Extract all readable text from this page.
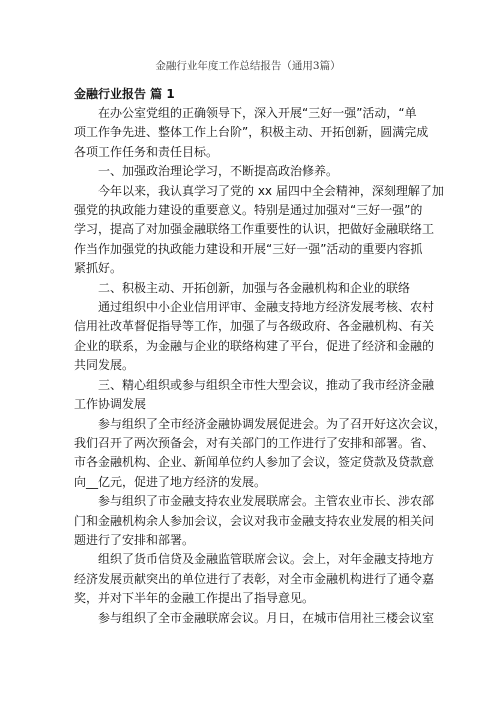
金融行业年度工作总结报告（通用3篇）
金融行业报告 篇 1
在办公室党组的正确领导下，深入开展“三好一强”活动，“单
项工作争先进、整体工作上台阶”，积极主动、开拓创新，圆满完成
各项工作任务和责任目标。
一、加强政治理论学习，不断提高政治修养。
今年以来，我认真学习了党的 xx 届四中全会精神，深刻理解了加
强党的执政能力建设的重要意义。特别是通过加强对“三好一强”的
学习，提高了对加强金融联络工作重要性的认识，把做好金融联络工
作当作加强党的执政能力建设和开展“三好一强”活动的重要内容抓
紧抓好。
二、积极主动、开拓创新，加强与各金融机构和企业的联络
通过组织中小企业信用评审、金融支持地方经济发展考核、农村
信用社改革督促指导等工作，加强了与各级政府、各金融机构、有关
企业的联系，为金融与企业的联络构建了平台，促进了经济和金融的
共同发展。
三、精心组织或参与组织全市性大型会议，推动了我市经济金融
工作协调发展
参与组织了全市经济金融协调发展促进会。为了召开好这次会议，
我们召开了两次预备会，对有关部门的工作进行了安排和部署。省、
市各金融机构、企业、新闻单位约人参加了会议，签定贷款及贷款意
向__亿元，促进了地方经济的发展。
参与组织了市金融支持农业发展联席会。主管农业市长、涉农部
门和金融机构余人参加会议，会议对我市金融支持农业发展的相关问
题进行了安排和部署。
组织了货币信贷及金融监管联席会议。会上，对年金融支持地方
经济发展贡献突出的单位进行了表彰，对全市金融机构进行了通令嘉
奖，并对下半年的金融工作提出了指导意见。
参与组织了全市金融联席会议。月日，在城市信用社三楼会议室
